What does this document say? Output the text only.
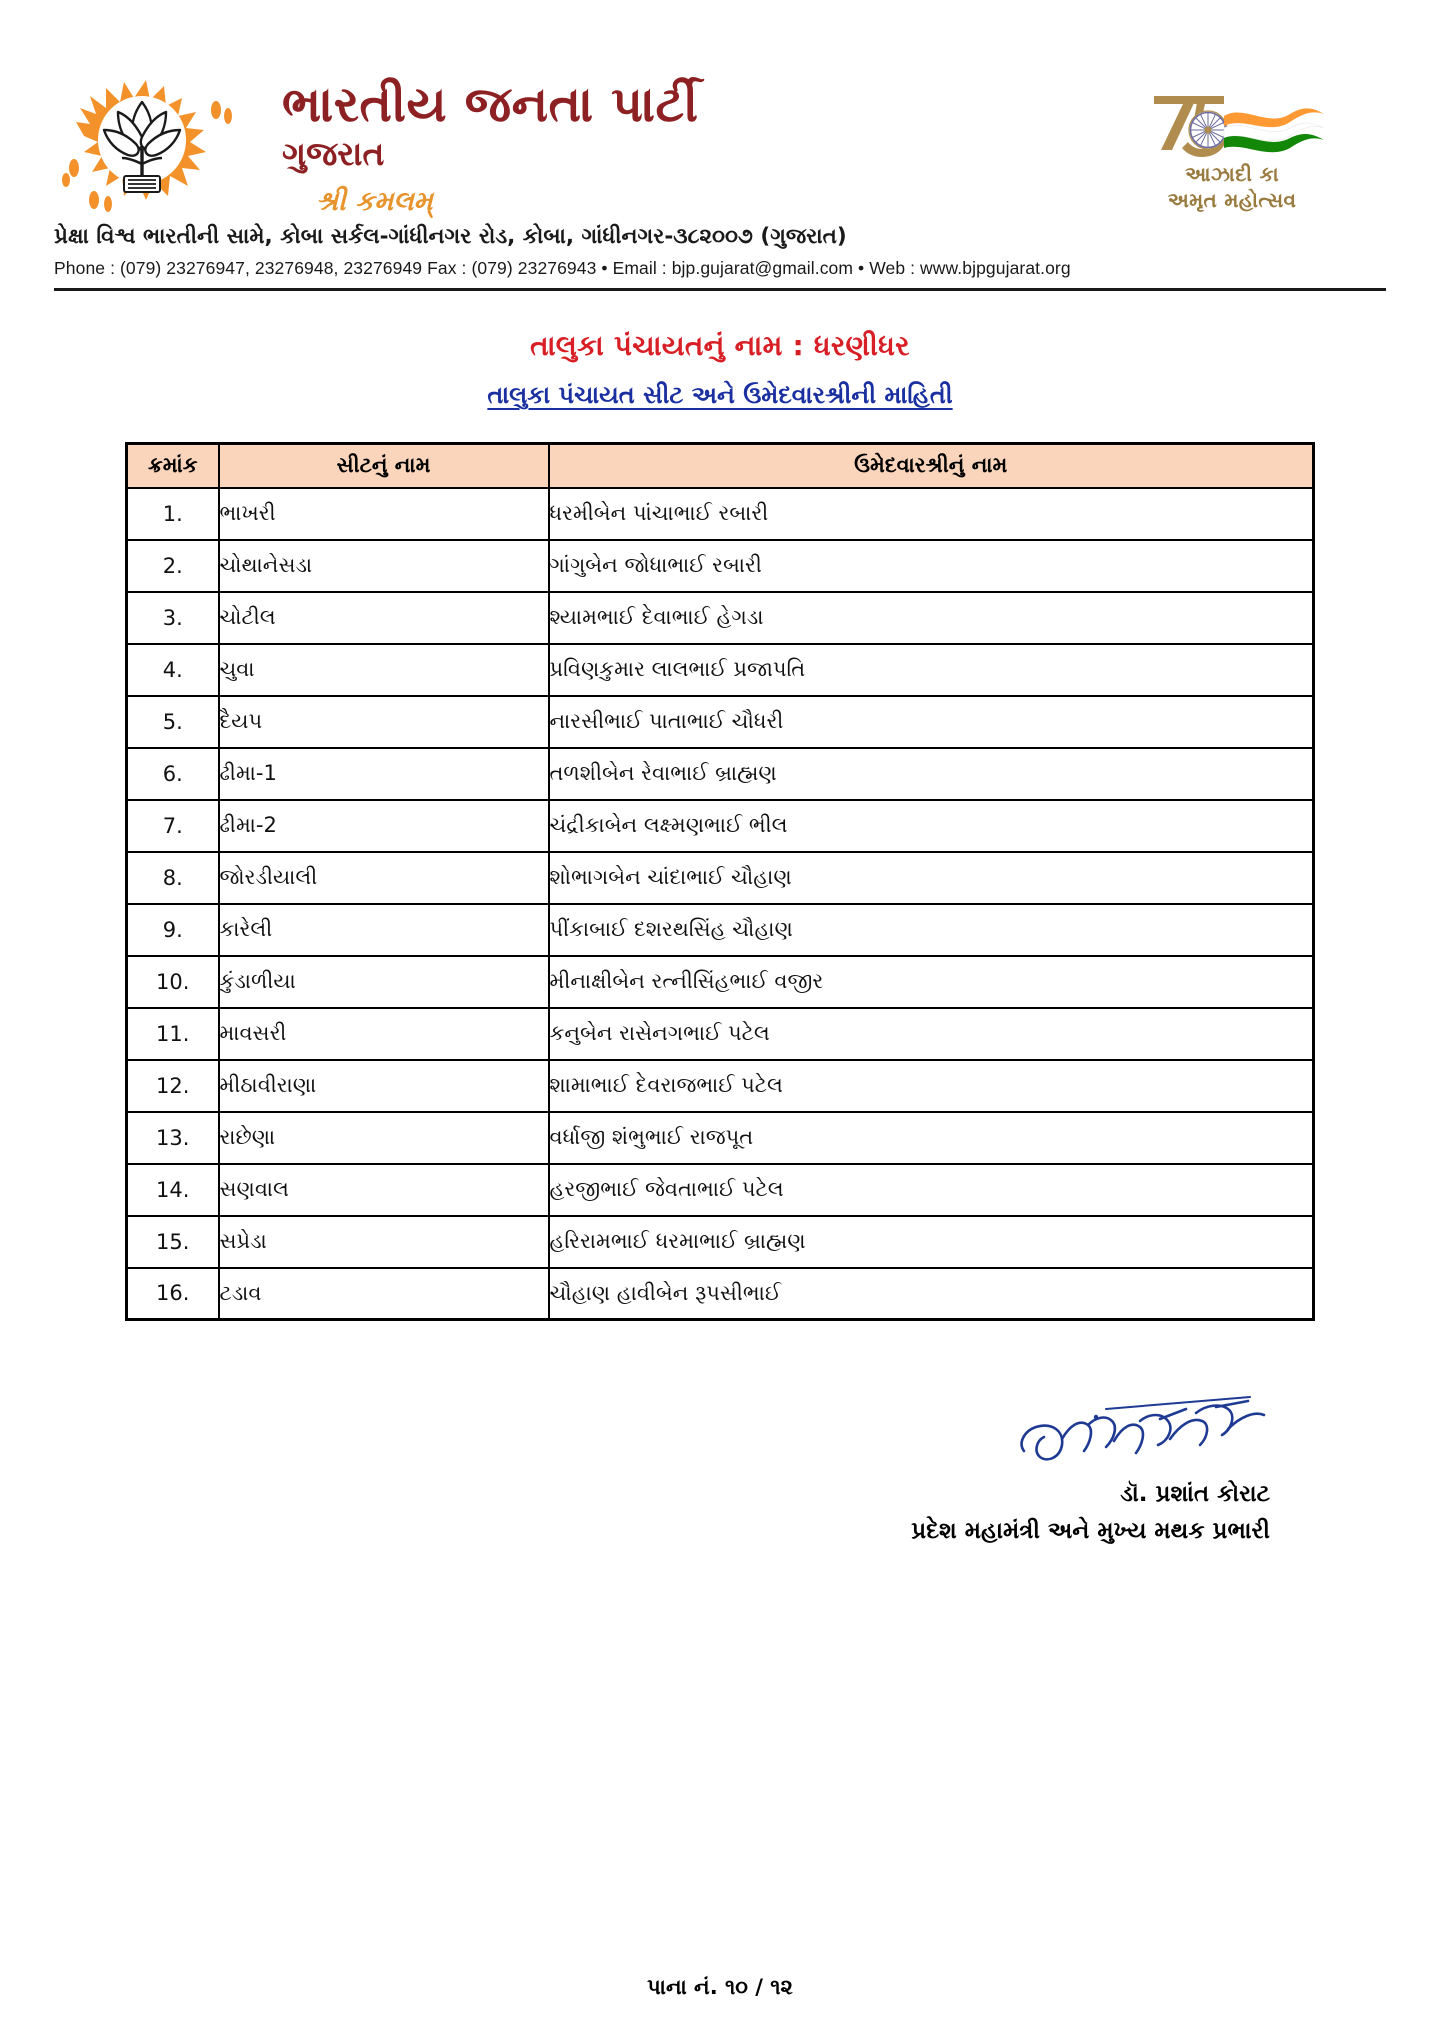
ભારતીય જનતા પાર્ટી
ગુજરાત
શ્રી કમલમ્
આઝાદી કા
અમૃત મહોત્સવ
પ્રેક્ષા વિશ્વ ભારતીની સામે, કોબા સર્કલ-ગાંધીનગર રોડ, કોબા, ગાંધીનગર-૩૮૨૦૦૭ (ગુજરાત)
Phone : (079) 23276947, 23276948, 23276949 Fax : (079) 23276943 • Email : bjp.gujarat@gmail.com • Web : www.bjpgujarat.org
તાલુકા પંચાયતનું નામ : ધરણીધર
તાલુકા પંચાયત સીટ અને ઉમેદવારશ્રીની માહિતી
ક્રમાંક	સીટનું નામ	ઉમેદવારશ્રીનું નામ
1.	ભાખરી	ધરમીબેન પાંચાભાઈ રબારી
2.	ચોથાનેસડા	ગાંગુબેન જોધાભાઈ રબારી
3.	ચોટીલ	શ્યામભાઈ દેવાભાઈ હેગડા
4.	ચુવા	પ્રવિણકુમાર લાલભાઈ પ્રજાપતિ
5.	દૈયપ	નારસીભાઈ પાતાભાઈ ચૌધરી
6.	ઢીમા-1	તળશીબેન રેવાભાઈ બ્રાહ્મણ
7.	ઢીમા-2	ચંદ્રીકાબેન લક્ષ્મણભાઈ ભીલ
8.	જોરડીયાલી	શોભાગબેન ચાંદાભાઈ ચૌહાણ
9.	કારેલી	પીંકાબાઈ દશરથસિંહ ચૌહાણ
10.	કુંડાળીયા	મીનાક્ષીબેન રત્નીસિંહભાઈ વજીર
11.	માવસરી	કનુબેન રાસેનગભાઈ પટેલ
12.	મીઠાવીરાણા	શામાભાઈ દેવરાજભાઈ પટેલ
13.	રાછેણા	વર્ધાજી શંભુભાઈ રાજપૂત
14.	સણવાલ	હરજીભાઈ જેવતાભાઈ પટેલ
15.	સપ્રેડા	હરિરામભાઈ ધરમાભાઈ બ્રાહ્મણ
16.	ટડાવ	ચૌહાણ હાવીબેન રૂપસીભાઈ
ડૉ. પ્રશાંત કોરાટ
પ્રદેશ મહામંત્રી અને મુખ્ય મથક પ્રભારી
પાના નં. ૧૦ / ૧૨
